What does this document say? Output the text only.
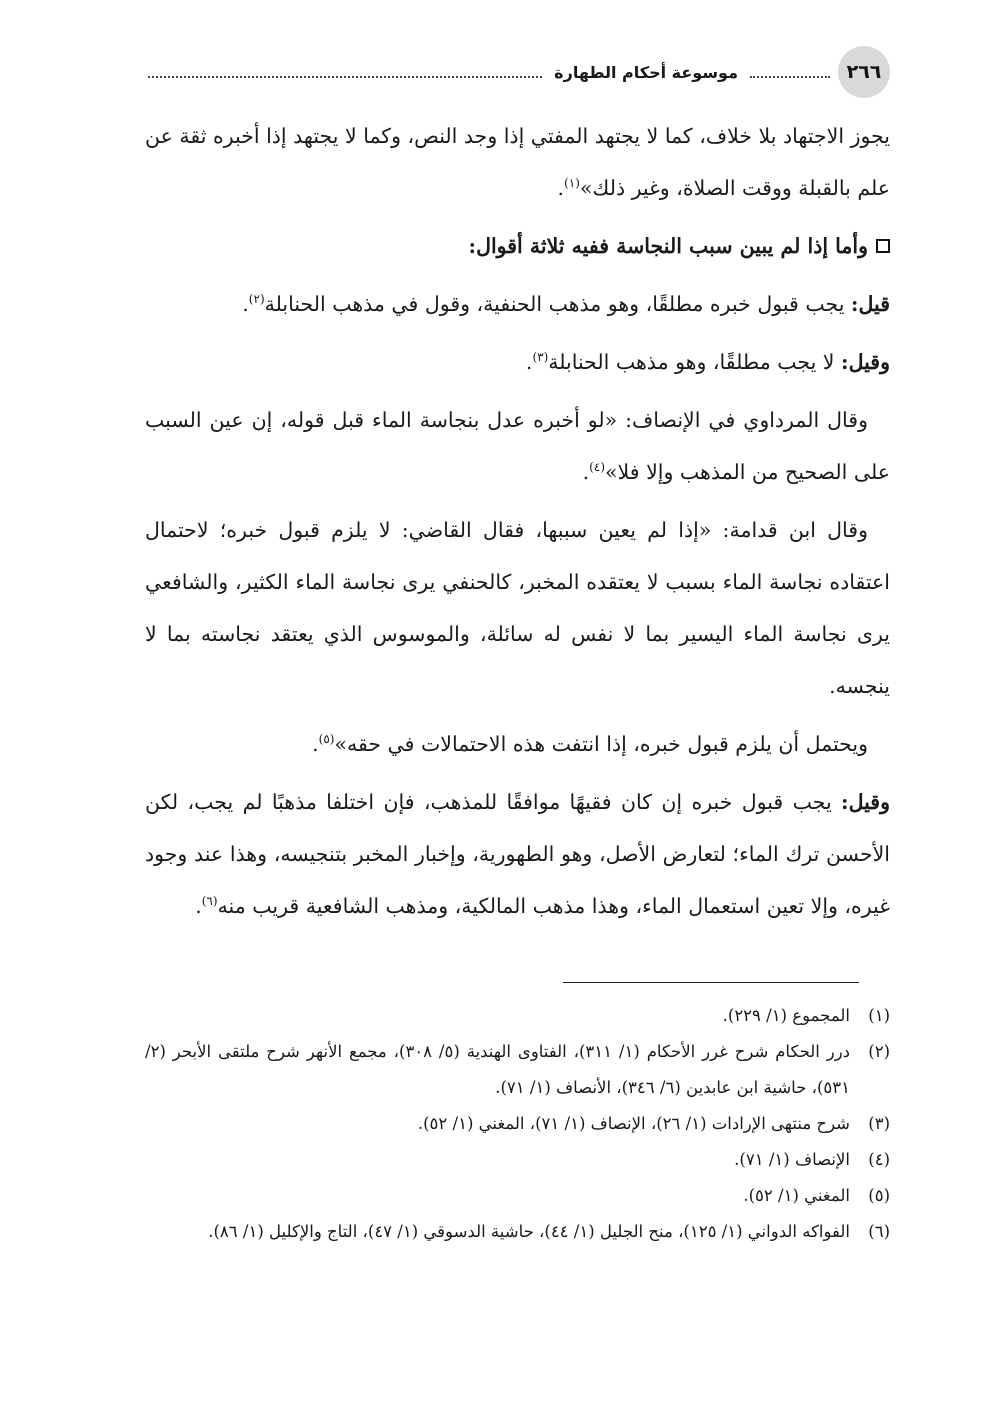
٢٦٦
موسوعة أحكام الطهارة

يجوز الاجتهاد بلا خلاف، كما لا يجتهد المفتي إذا وجد النص، وكما لا يجتهد إذا أخبره ثقة عن علم بالقبلة ووقت الصلاة، وغير ذلك»$^{(١)}$.

وأما إذا لم يبين سبب النجاسة ففيه ثلاثة أقوال:

قيل: يجب قبول خبره مطلقًا، وهو مذهب الحنفية، وقول في مذهب الحنابلة$^{(٢)}$.

وقيل: لا يجب مطلقًا، وهو مذهب الحنابلة$^{(٣)}$.

وقال المرداوي في الإنصاف: «لو أخبره عدل بنجاسة الماء قبل قوله، إن عين السبب على الصحيح من المذهب وإلا فلا»$^{(٤)}$.

وقال ابن قدامة: «إذا لم يعين سببها، فقال القاضي: لا يلزم قبول خبره؛ لاحتمال اعتقاده نجاسة الماء بسبب لا يعتقده المخبر، كالحنفي يرى نجاسة الماء الكثير، والشافعي يرى نجاسة الماء اليسير بما لا نفس له سائلة، والموسوس الذي يعتقد نجاسته بما لا ينجسه.

ويحتمل أن يلزم قبول خبره، إذا انتفت هذه الاحتمالات في حقه»$^{(٥)}$.

وقيل: يجب قبول خبره إن كان فقيهًا موافقًا للمذهب، فإن اختلفا مذهبًا لم يجب، لكن الأحسن ترك الماء؛ لتعارض الأصل، وهو الطهورية، وإخبار المخبر بتنجيسه، وهذا عند وجود غيره، وإلا تعين استعمال الماء، وهذا مذهب المالكية، ومذهب الشافعية قريب منه$^{(٦)}$.

(١)
المجموع (١/ ٢٢٩).
(٢)
درر الحكام شرح غرر الأحكام (١/ ٣١١)، الفتاوى الهندية (٥/ ٣٠٨)، مجمع الأنهر شرح ملتقى الأبحر (٢/ ٥٣١)، حاشية ابن عابدين (٦/ ٣٤٦)، الأنصاف (١/ ٧١).
(٣)
شرح منتهى الإرادات (١/ ٢٦)، الإنصاف (١/ ٧١)، المغني (١/ ٥٢).
(٤)
الإنصاف (١/ ٧١).
(٥)
المغني (١/ ٥٢).
(٦)
الفواكه الدواني (١/ ١٢٥)، منح الجليل (١/ ٤٤)، حاشية الدسوقي (١/ ٤٧)، التاج والإكليل (١/ ٨٦).
